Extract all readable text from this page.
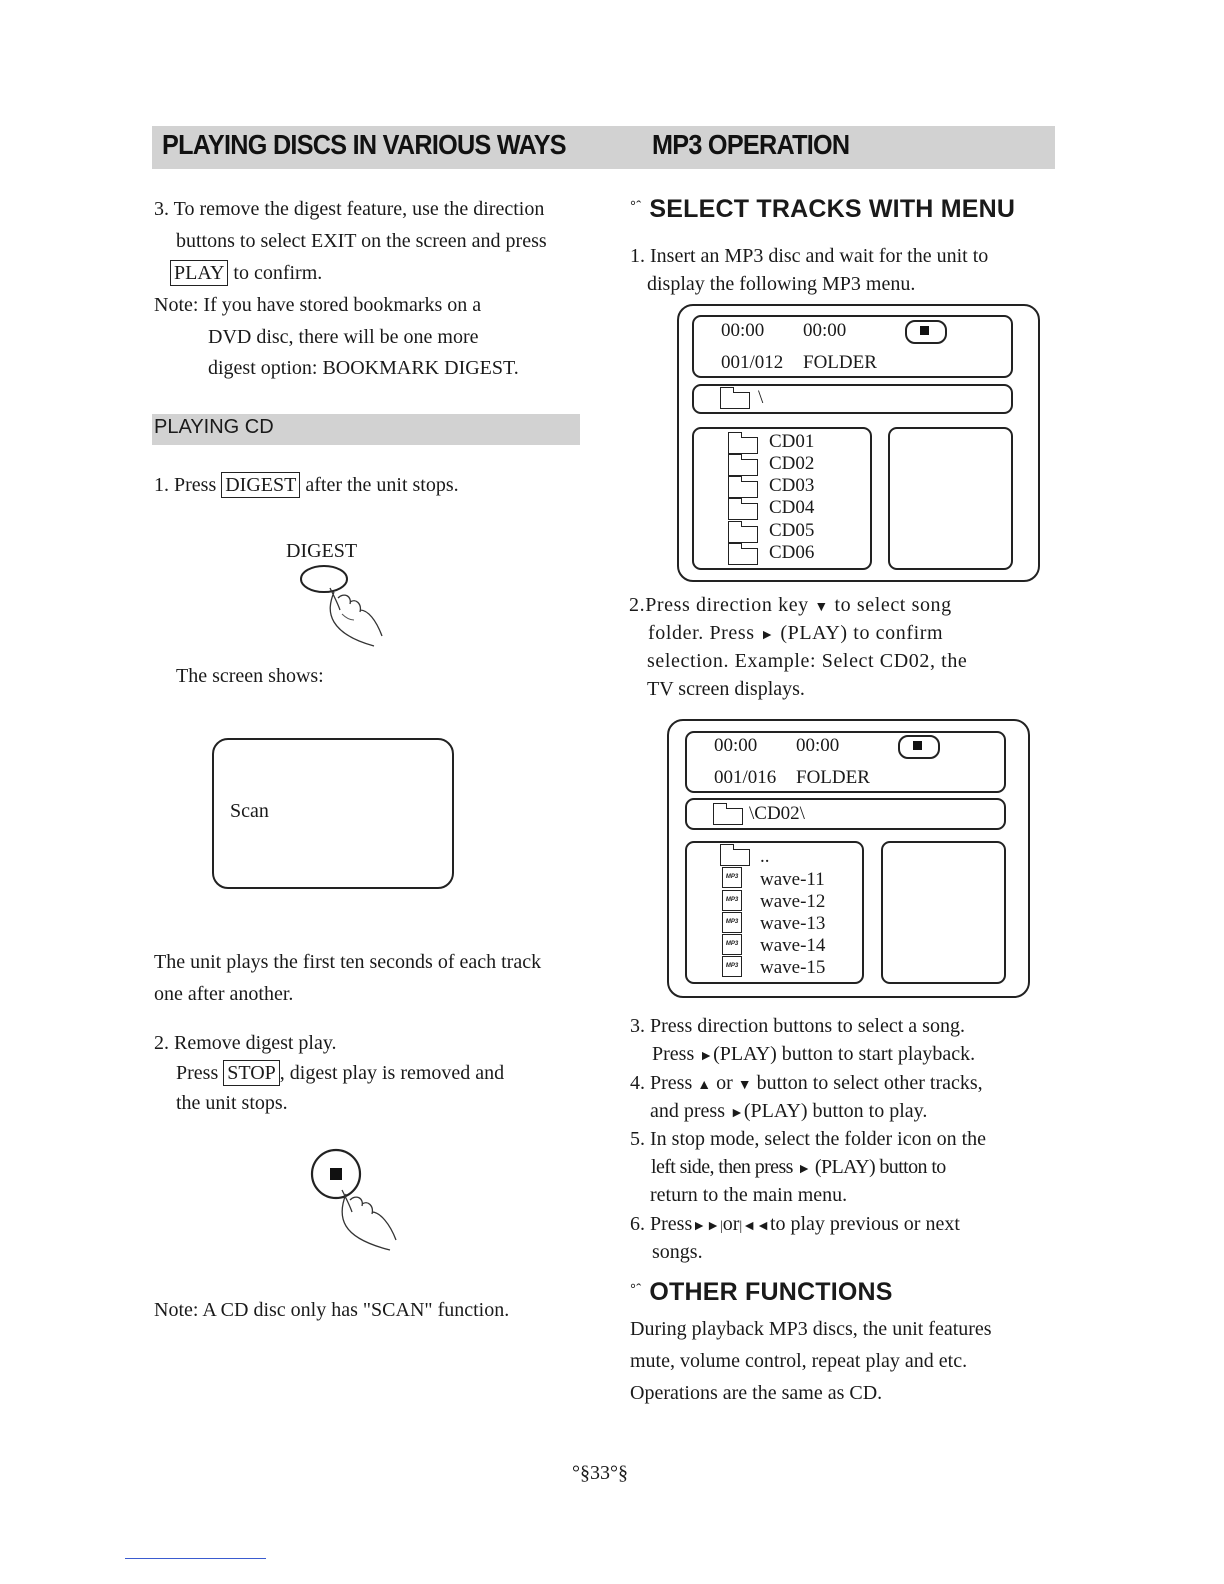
PLAYING DISCS IN VARIOUS WAYS	MP3 OPERATION
3. To remove the digest feature, use the direction
buttons to select EXIT on the screen and press
PLAY to confirm.
Note: If you have stored bookmarks on a
DVD disc, there will be one more
digest option: BOOKMARK DIGEST.
PLAYING CD
1. Press DIGEST after the unit stops.
DIGEST
The screen shows:
Scan
The unit plays the first ten seconds of each track
one after another.
2. Remove digest play.
Press STOP , digest play is removed and
the unit stops.
Note: A CD disc only has "SCAN" function.
$^{^\circ ˆ}$ SELECT TRACKS WITH MENU
1. Insert an MP3 disc and wait for the unit to
display the following MP3 menu.
00:00 00:00
001/012 FOLDER
\
CD01
CD02
CD03
CD04
CD05
CD06
2.Press direction key ▼ to select song
folder. Press ► (PLAY) to confirm
selection. Example: Select CD02, the
TV screen displays.
00:00 00:00
001/016 FOLDER
\CD02\
..
MP3 wave-11
MP3 wave-12
MP3 wave-13
MP3 wave-14
MP3 wave-15
3. Press direction buttons to select a song.
Press ►(PLAY) button to start playback.
4. Press ▲ or ▼ button to select other tracks,
and press ►(PLAY) button to play.
5. In stop mode, select the folder icon on the
left side, then press ► (PLAY) button to
return to the main menu.
6. Press►►|or|◄◄to play previous or next
songs.
$^{^\circ ˆ}$ OTHER FUNCTIONS
During playback MP3 discs, the unit features
mute, volume control, repeat play and etc.
Operations are the same as CD.
°§33°§
